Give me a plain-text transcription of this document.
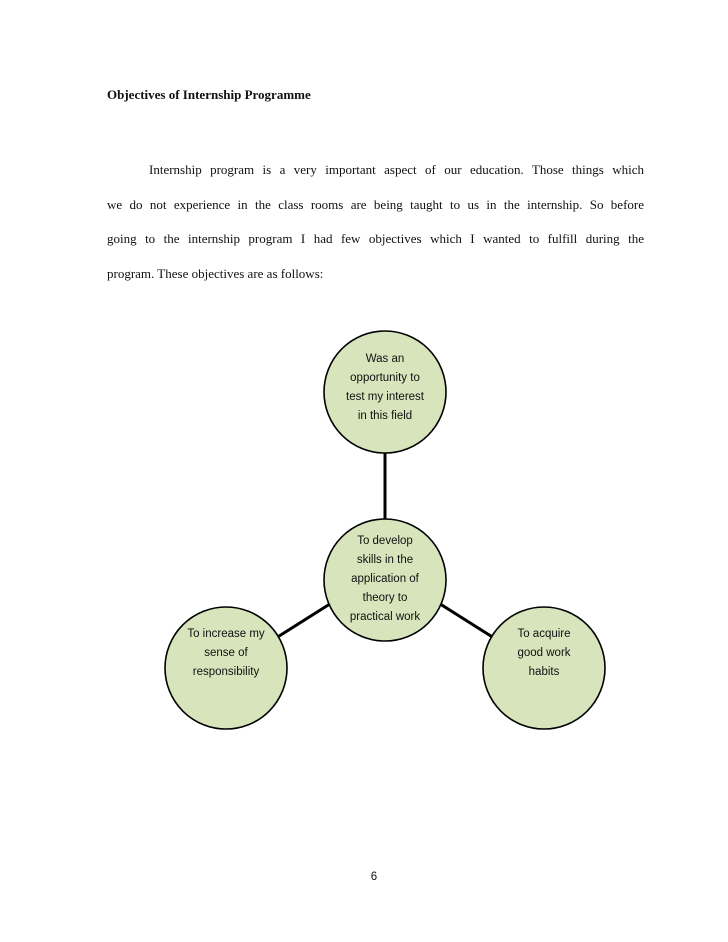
Objectives of Internship Programme

Internship program is a very important aspect of our education. Those things which
we do not experience in the class rooms are being taught to us in the internship. So before
going to the internship program I had few objectives which I wanted to fulfill during the
program. These objectives are as follows:
Was an
opportunity to
test my interest
in this field
To develop
skills in the
application of
theory to
practical work
To increase my
sense of
responsibility
To acquire
good work
habits
6
